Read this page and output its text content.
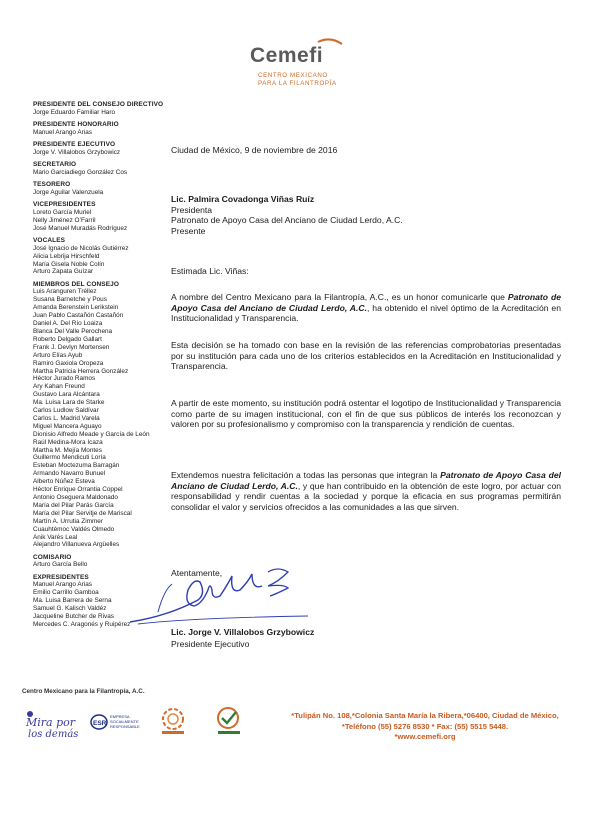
Cemefi
CENTRO MEXICANO
PARA LA FILANTROPÍA
PRESIDENTE DEL CONSEJO DIRECTIVO
Jorge Eduardo Familiar Haro
PRESIDENTE HONORARIO
Manuel Arango Arias
PRESIDENTE EJECUTIVO
Jorge V. Villalobos Grzybowicz
SECRETARIO
Mario Garciadiego González Cos
TESORERO
Jorge Aguilar Valenzuela
VICEPRESIDENTES
Loreto García Muriel
Nelly Jiménez O’Farril
José Manuel Muradás Rodríguez
VOCALES
José Ignacio de Nicolás Gutiérrez
Alicia Lebrija Hirschfeld
María Gisela Noble Colín
Arturo Zapata Guízar
MIEMBROS DEL CONSEJO
Luis Aranguren Tréllez
Susana Barnetche y Pous
Amanda Berenstein Lerikstein
Juan Pablo Castañón Castañón
Daniel A. Del Río Loaiza
Blanca Del Valle Perochena
Roberto Delgado Gallart
Frank J. Devlyn Mortensen
Arturo Elías Ayub
Ramiro Gaxiola Oropeza
Martha Patricia Herrera González
Héctor Jurado Ramos
Ary Kahan Freund
Gustavo Lara Alcántara
Ma. Luisa Lara de Starke
Carlos Ludlow Saldívar
Carlos L. Madrid Varela
Miguel Mancera Aguayo
Dionisio Alfredo Meade y García de León
Raúl Medina-Mora Icaza
Martha M. Mejía Montes
Guillermo Mendicuti Loría
Esteban Moctezuma Barragán
Armando Navarro Bunuel
Alberto Núñez Esteva
Héctor Enrique Orrantia Coppel
Antonio Oseguera Maldonado
María del Pilar Parás García
María del Pilar Servitje de Mariscal
Martín A. Urrutia Zimmer
Cuauhtémoc Valdés Olmedo
Anik Varés Leal
Alejandro Villanueva Argüelles
COMISARIO
Arturo García Bello
EXPRESIDENTES
Manuel Arango Arias
Emilio Carrillo Gamboa
Ma. Luisa Barrera de Serna
Samuel G. Kalisch Valdéz
Jacqueline Butcher de Rivas
Mercedes C. Aragonés y Ruipérez
Ciudad de México, 9 de noviembre de 2016
Lic. Palmira Covadonga Viñas Ruíz
Presidenta
Patronato de Apoyo Casa del Anciano de Ciudad Lerdo, A.C.
Presente
Estimada Lic. Viñas:
A nombre del Centro Mexicano para la Filantropía, A.C., es un honor comunicarle que Patronato de Apoyo Casa del Anciano de Ciudad Lerdo, A.C., ha obtenido el nivel óptimo de la Acreditación en Institucionalidad y Transparencia.
Esta decisión se ha tomado con base en la revisión de las referencias comprobatorias presentadas por su institución para cada uno de los criterios establecidos en la Acreditación en Institucionalidad y Transparencia.
A partir de este momento, su institución podrá ostentar el logotipo de Institucionalidad y Transparencia como parte de su imagen institucional, con el fin de que sus públicos de interés los reconozcan y valoren por su profesionalismo y compromiso con la transparencia y rendición de cuentas.
Extendemos nuestra felicitación a todas las personas que integran la Patronato de Apoyo Casa del Anciano de Ciudad Lerdo, A.C., y que han contribuido en la obtención de este logro, por actuar con responsabilidad y rendir cuentas a la sociedad y porque la eficacia en sus programas permitirán consolidar el valor y servicios ofrecidos a las comunidades a las que sirven.
Atentamente,
Lic. Jorge V. Villalobos Grzybowicz
Presidente Ejecutivo
Centro Mexicano para la Filantropía, A.C.
Mira por
los demás
ESR
EMPRESA
SOCIALMENTE
RESPONSABLE
*Tulipán No. 108,*Colonia Santa María la Ribera,*06400, Ciudad de México,
*Teléfono (55) 5276 8530 * Fax: (55) 5515 5448.
*www.cemefi.org
